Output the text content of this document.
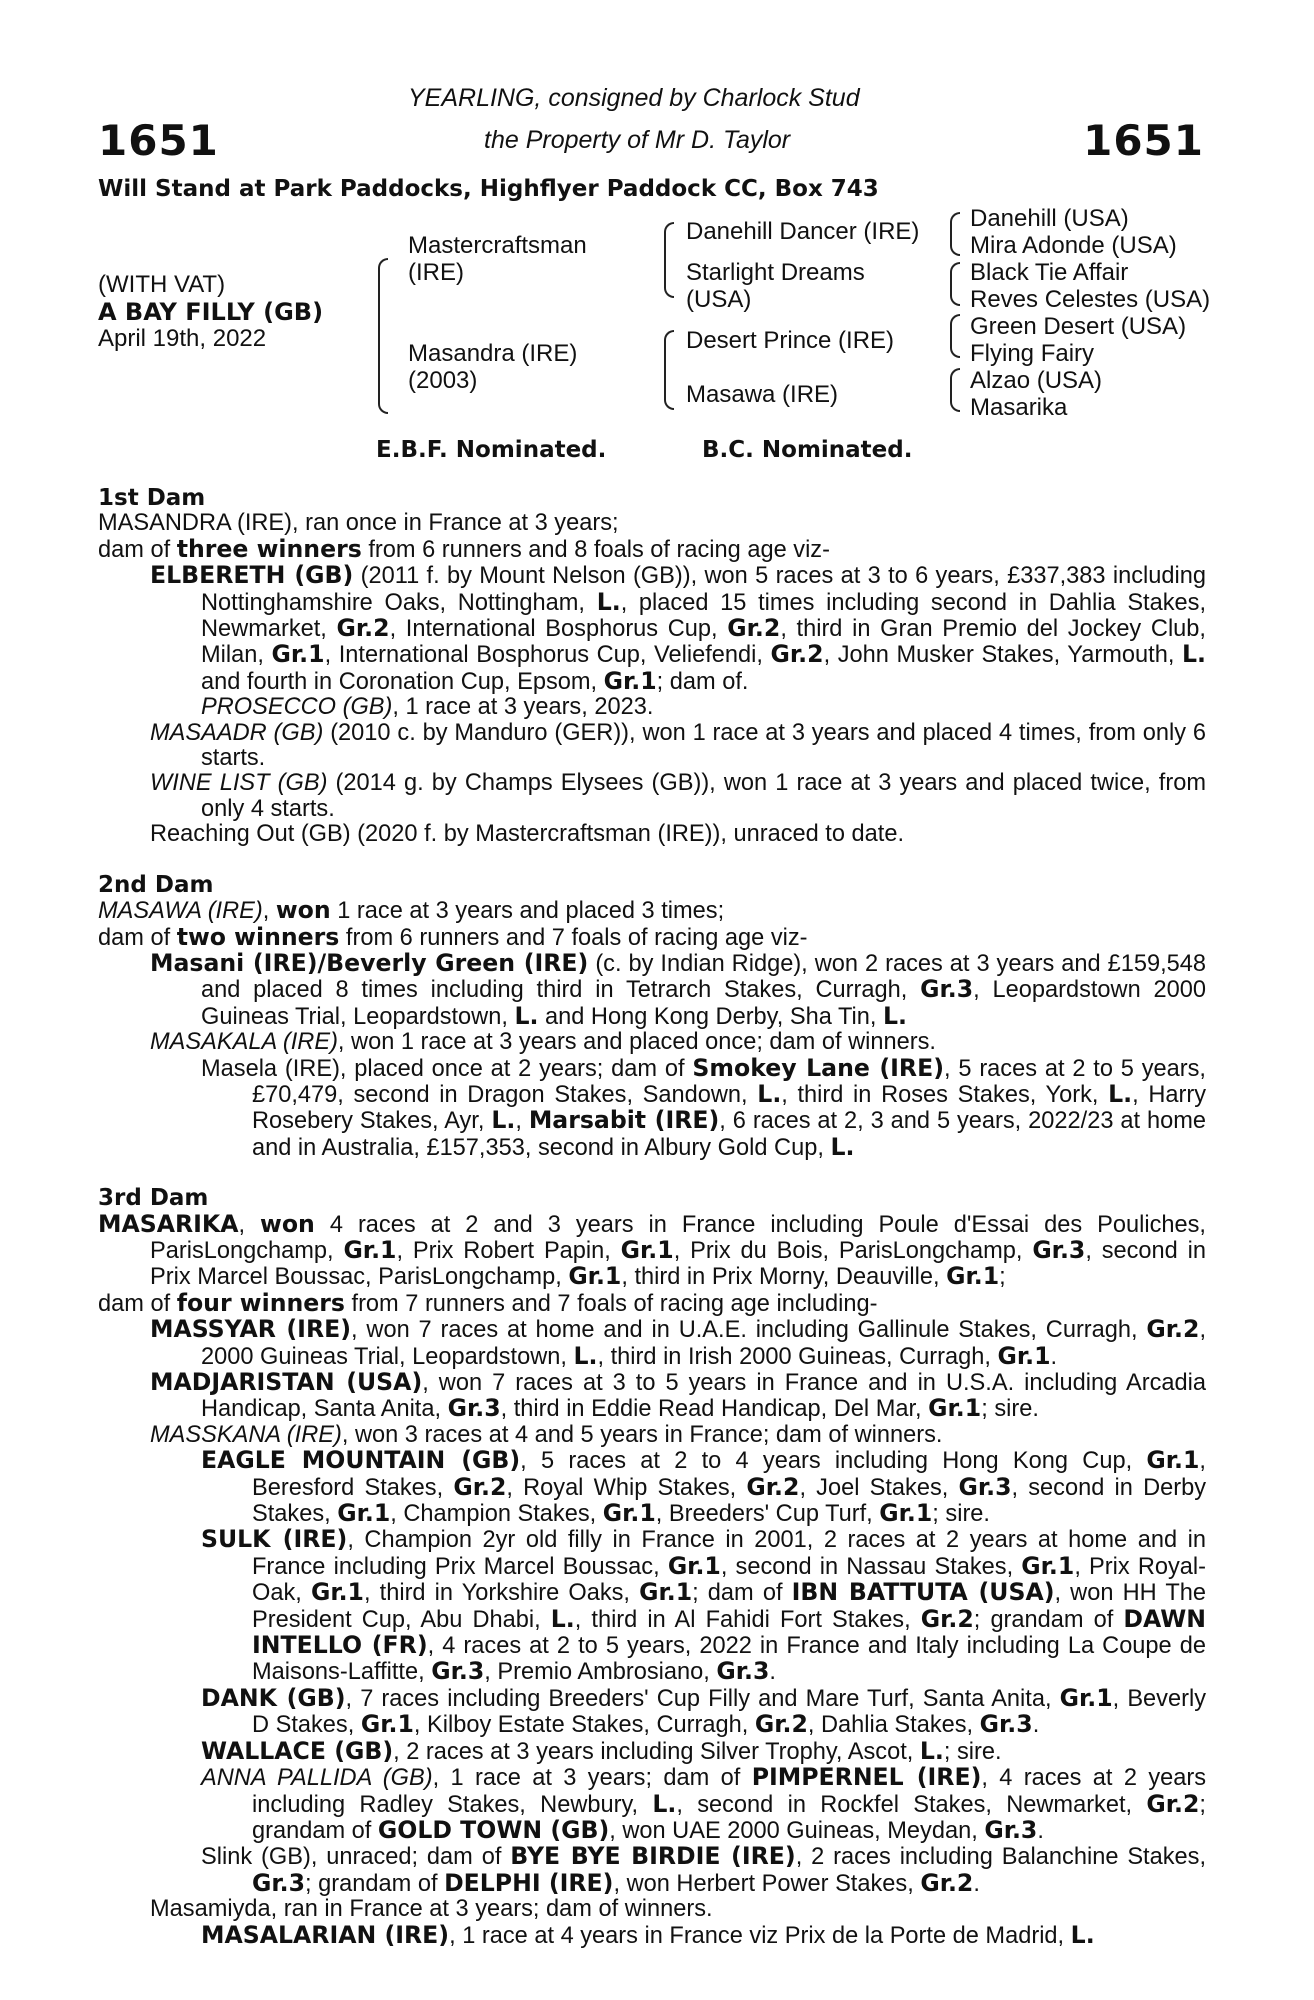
1651	1651
YEARLING, consigned by Charlock Stud
the Property of Mr D. Taylor
Will Stand at Park Paddocks, Highflyer Paddock CC, Box 743
(WITH VAT)
A BAY FILLY (GB)
April 19th, 2022
Mastercraftsman
(IRE)
Masandra (IRE)
(2003)
Danehill Dancer (IRE)
Starlight Dreams
(USA)
Desert Prince (IRE)
Masawa (IRE)
Danehill (USA)
Mira Adonde (USA)
Black Tie Affair
Reves Celestes (USA)
Green Desert (USA)
Flying Fairy
Alzao (USA)
Masarika
E.B.F. Nominated.	B.C. Nominated.

1st Dam

MASANDRA (IRE), ran once in France at 3 years;

dam of three winners from 6 runners and 8 foals of racing age viz-

ELBERETH (GB) (2011 f. by Mount Nelson (GB)), won 5 races at 3 to 6 years, £337,383 including Nottinghamshire Oaks, Nottingham, L., placed 15 times including second in Dahlia Stakes, Newmarket, Gr.2, International Bosphorus Cup, Gr.2, third in Gran Premio del Jockey Club, Milan, Gr.1, International Bosphorus Cup, Veliefendi, Gr.2, John Musker Stakes, Yarmouth, L. and fourth in Coronation Cup, Epsom, Gr.1; dam of.

PROSECCO (GB), 1 race at 3 years, 2023.

MASAADR (GB) (2010 c. by Manduro (GER)), won 1 race at 3 years and placed 4 times, from only 6 starts.

WINE LIST (GB) (2014 g. by Champs Elysees (GB)), won 1 race at 3 years and placed twice, from only 4 starts.

Reaching Out (GB) (2020 f. by Mastercraftsman (IRE)), unraced to date.

2nd Dam

MASAWA (IRE), won 1 race at 3 years and placed 3 times;

dam of two winners from 6 runners and 7 foals of racing age viz-

Masani (IRE)/Beverly Green (IRE) (c. by Indian Ridge), won 2 races at 3 years and £159,548 and placed 8 times including third in Tetrarch Stakes, Curragh, Gr.3, Leopardstown 2000 Guineas Trial, Leopardstown, L. and Hong Kong Derby, Sha Tin, L.

MASAKALA (IRE), won 1 race at 3 years and placed once; dam of winners.

Masela (IRE), placed once at 2 years; dam of Smokey Lane (IRE), 5 races at 2 to 5 years, £70,479, second in Dragon Stakes, Sandown, L., third in Roses Stakes, York, L., Harry Rosebery Stakes, Ayr, L., Marsabit (IRE), 6 races at 2, 3 and 5 years, 2022/23 at home and in Australia, £157,353, second in Albury Gold Cup, L.

3rd Dam

MASARIKA, won 4 races at 2 and 3 years in France including Poule d'Essai des Pouliches, ParisLongchamp, Gr.1, Prix Robert Papin, Gr.1, Prix du Bois, ParisLongchamp, Gr.3, second in Prix Marcel Boussac, ParisLongchamp, Gr.1, third in Prix Morny, Deauville, Gr.1;

dam of four winners from 7 runners and 7 foals of racing age including-

MASSYAR (IRE), won 7 races at home and in U.A.E. including Gallinule Stakes, Curragh, Gr.2, 2000 Guineas Trial, Leopardstown, L., third in Irish 2000 Guineas, Curragh, Gr.1.

MADJARISTAN (USA), won 7 races at 3 to 5 years in France and in U.S.A. including Arcadia Handicap, Santa Anita, Gr.3, third in Eddie Read Handicap, Del Mar, Gr.1; sire.

MASSKANA (IRE), won 3 races at 4 and 5 years in France; dam of winners.

EAGLE MOUNTAIN (GB), 5 races at 2 to 4 years including Hong Kong Cup, Gr.1, Beresford Stakes, Gr.2, Royal Whip Stakes, Gr.2, Joel Stakes, Gr.3, second in Derby Stakes, Gr.1, Champion Stakes, Gr.1, Breeders' Cup Turf, Gr.1; sire.

SULK (IRE), Champion 2yr old filly in France in 2001, 2 races at 2 years at home and in France including Prix Marcel Boussac, Gr.1, second in Nassau Stakes, Gr.1, Prix Royal-Oak, Gr.1, third in Yorkshire Oaks, Gr.1; dam of IBN BATTUTA (USA), won HH The President Cup, Abu Dhabi, L., third in Al Fahidi Fort Stakes, Gr.2; grandam of DAWN INTELLO (FR), 4 races at 2 to 5 years, 2022 in France and Italy including La Coupe de Maisons-Laffitte, Gr.3, Premio Ambrosiano, Gr.3.

DANK (GB), 7 races including Breeders' Cup Filly and Mare Turf, Santa Anita, Gr.1, Beverly D Stakes, Gr.1, Kilboy Estate Stakes, Curragh, Gr.2, Dahlia Stakes, Gr.3.

WALLACE (GB), 2 races at 3 years including Silver Trophy, Ascot, L.; sire.

ANNA PALLIDA (GB), 1 race at 3 years; dam of PIMPERNEL (IRE), 4 races at 2 years including Radley Stakes, Newbury, L., second in Rockfel Stakes, Newmarket, Gr.2; grandam of GOLD TOWN (GB), won UAE 2000 Guineas, Meydan, Gr.3.

Slink (GB), unraced; dam of BYE BYE BIRDIE (IRE), 2 races including Balanchine Stakes, Gr.3; grandam of DELPHI (IRE), won Herbert Power Stakes, Gr.2.

Masamiyda, ran in France at 3 years; dam of winners.

MASALARIAN (IRE), 1 race at 4 years in France viz Prix de la Porte de Madrid, L.
